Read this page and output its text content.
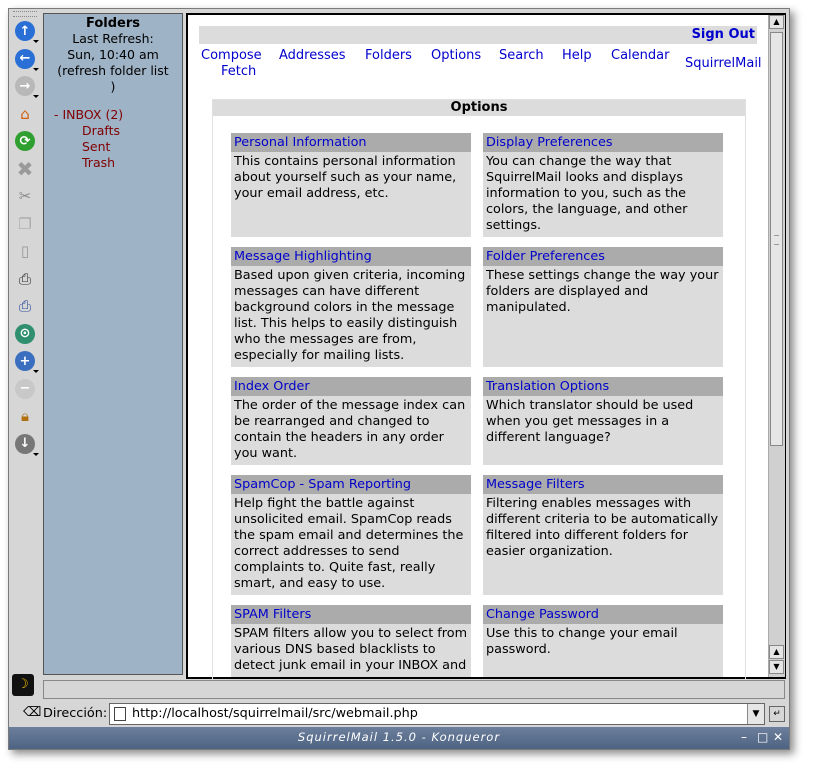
↑
←
→
⌂
⟳
✖
✂
❐
▯
⎙
⎙
⊙
+
−
🔒︎
↓
Folders
Last Refresh:
Sun, 10:40 am
(refresh folder list
)
- INBOX (2)
Drafts
Sent
Trash
Sign Out
Compose Addresses Folders Options Search Help Calendar
Fetch
SquirrelMail
Options
Personal Information
This contains personal information about yourself such as your name, your email address, etc.
Display Preferences
You can change the way that SquirrelMail looks and displays information to you, such as the colors, the language, and other settings.
Message Highlighting
Based upon given criteria, incoming messages can have different background colors in the message list. This helps to easily distinguish who the messages are from, especially for mailing lists.
Folder Preferences
These settings change the way your folders are displayed and manipulated.
Index Order
The order of the message index can be rearranged and changed to contain the headers in any order you want.
Translation Options
Which translator should be used when you get messages in a different language?
SpamCop - Spam Reporting
Help fight the battle against unsolicited email. SpamCop reads the spam email and determines the correct addresses to send complaints to. Quite fast, really smart, and easy to use.
Message Filters
Filtering enables messages with different criteria to be automatically filtered into different folders for easier organization.
SPAM Filters
SPAM filters allow you to select from various DNS based blacklists to detect junk email in your INBOX and
Change Password
Use this to change your email password.
▲
▲
▼
☽
⌫ Dirección: http://localhost/squirrelmail/src/webmail.php	▼	↵
SquirrelMail 1.5.0 - Konqueror	– □ ✕
